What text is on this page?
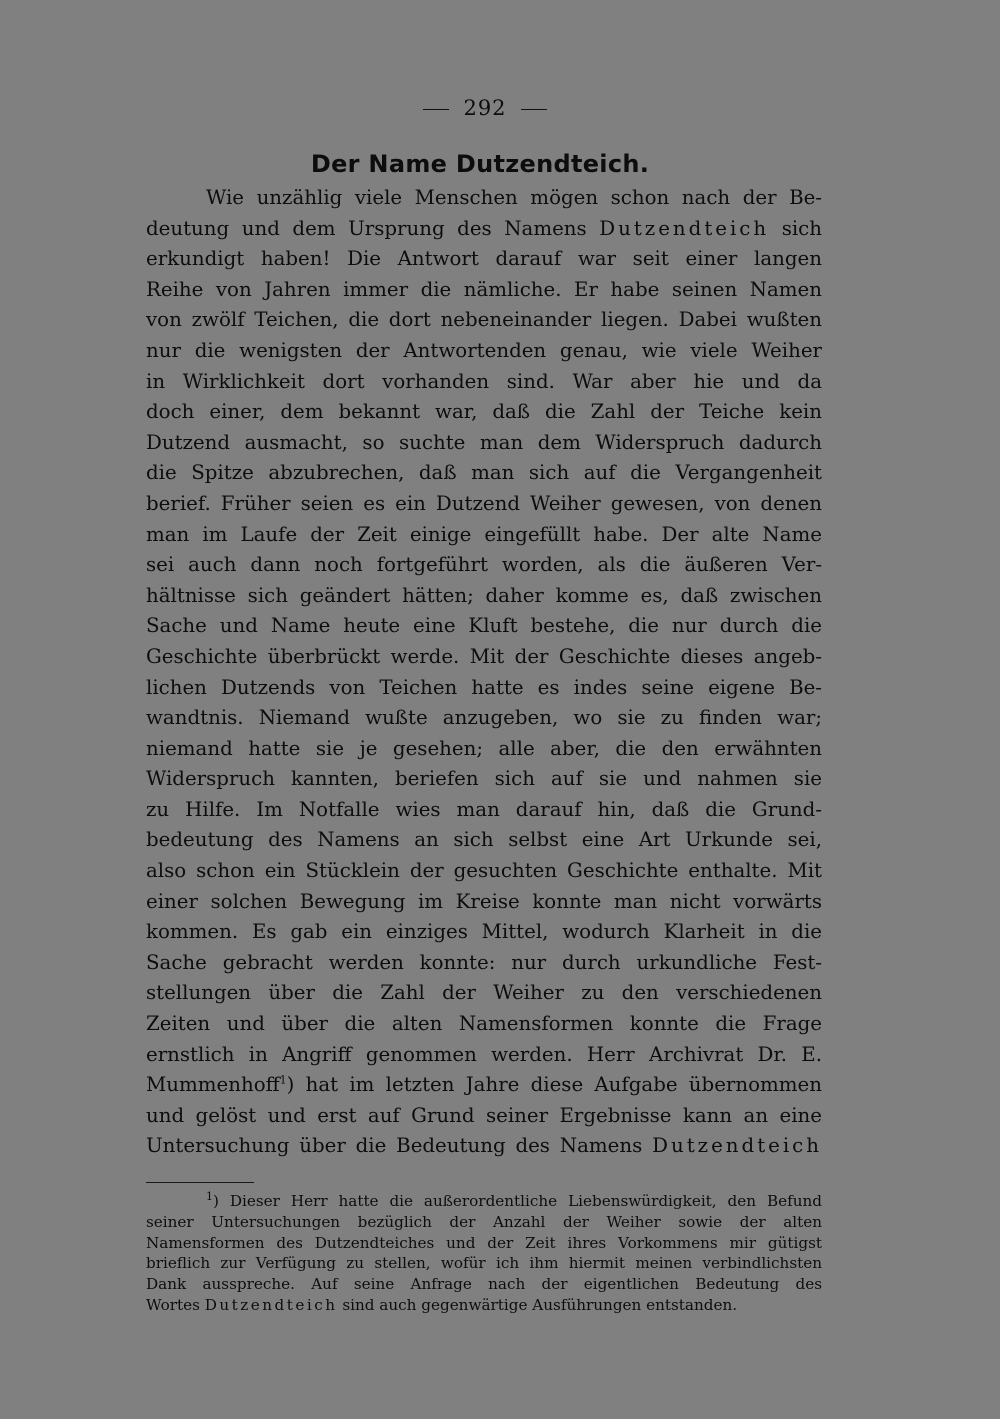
292
Der Name Dutzendteich.
Wie unzählig viele Menschen mögen schon nach der Be-
deutung und dem Ursprung des Namens Dutzendteich sich
erkundigt haben! Die Antwort darauf war seit einer langen
Reihe von Jahren immer die nämliche. Er habe seinen Namen
von zwölf Teichen, die dort nebeneinander liegen. Dabei wußten
nur die wenigsten der Antwortenden genau, wie viele Weiher
in Wirklichkeit dort vorhanden sind. War aber hie und da
doch einer, dem bekannt war, daß die Zahl der Teiche kein
Dutzend ausmacht, so suchte man dem Widerspruch dadurch
die Spitze abzubrechen, daß man sich auf die Vergangenheit
berief. Früher seien es ein Dutzend Weiher gewesen, von denen
man im Laufe der Zeit einige eingefüllt habe. Der alte Name
sei auch dann noch fortgeführt worden, als die äußeren Ver-
hältnisse sich geändert hätten; daher komme es, daß zwischen
Sache und Name heute eine Kluft bestehe, die nur durch die
Geschichte überbrückt werde. Mit der Geschichte dieses angeb-
lichen Dutzends von Teichen hatte es indes seine eigene Be-
wandtnis. Niemand wußte anzugeben, wo sie zu finden war;
niemand hatte sie je gesehen; alle aber, die den erwähnten
Widerspruch kannten, beriefen sich auf sie und nahmen sie
zu Hilfe. Im Notfalle wies man darauf hin, daß die Grund-
bedeutung des Namens an sich selbst eine Art Urkunde sei,
also schon ein Stücklein der gesuchten Geschichte enthalte. Mit
einer solchen Bewegung im Kreise konnte man nicht vorwärts
kommen. Es gab ein einziges Mittel, wodurch Klarheit in die
Sache gebracht werden konnte: nur durch urkundliche Fest-
stellungen über die Zahl der Weiher zu den verschiedenen
Zeiten und über die alten Namensformen konnte die Frage
ernstlich in Angriff genommen werden. Herr Archivrat Dr. E.
Mummenhoff$^1$) hat im letzten Jahre diese Aufgabe übernommen
und gelöst und erst auf Grund seiner Ergebnisse kann an eine
Untersuchung über die Bedeutung des Namens Dutzendteich
$^1$) Dieser Herr hatte die außerordentliche Liebenswürdigkeit, den Befund
seiner Untersuchungen bezüglich der Anzahl der Weiher sowie der alten
Namensformen des Dutzendteiches und der Zeit ihres Vorkommens mir gütigst
brieflich zur Verfügung zu stellen, wofür ich ihm hiermit meinen verbindlichsten
Dank ausspreche. Auf seine Anfrage nach der eigentlichen Bedeutung des
Wortes Dutzendteich sind auch gegenwärtige Ausführungen entstanden.
